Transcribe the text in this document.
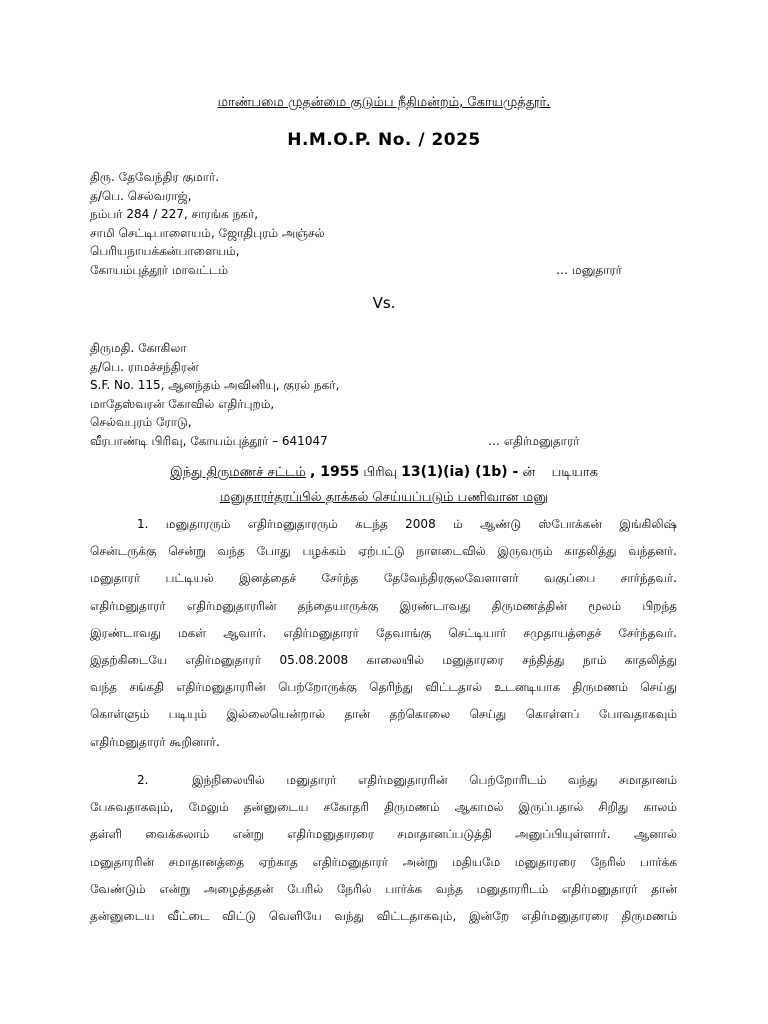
மாண்பமை முதன்மை குடும்ப நீதிமன்றம், கோயமுத்தூர்.
H.M.O.P. No. / 2025
திரு. தேவேந்திர குமார்.
த/பெ. செல்வராஜ்,
நம்பர் 284 / 227, சாரங்க நகர்,
சாமி செட்டிபாளையம், ஜோதிபுரம் அஞ்சல்
பெரியநாயக்கன்பாளையம்,
கோயம்புத்தூர் மாவட்டம்	… மனுதாரர்
Vs.
திருமதி. கோகிலா
த/பெ. ராமச்சந்திரன்
S.F. No. 115, ஆனந்தம் அவினியு, குரல் நகர்,
மாதேஸ்வரன் கோவில் எதிர்புறம்,
செல்வபுரம் ரோடு,
வீரபாண்டி பிரிவு, கோயம்புத்தூர் – 641047	… எதிர்மனுதாரர்
இந்து திருமணச் சட்டம் , 1955 பிரிவு 13(1)(ia) (1b) - ன்    படியாக
மனுதாரர்தரப்பில் தாக்கல் செய்யப்படும் பணிவான மனு
1. மனுதாரரும் எதிர்மனுதாரரும் கடந்த 2008 ம் ஆண்டு ஸ்போக்கன் இங்கிலிஷ்
சென்டருக்கு சென்று வந்த போது பழக்கம் ஏற்பட்டு நாளடைவில் இருவரும் காதலித்து வந்தனர்.
மனுதாரர் பட்டியல் இனத்தைச் சேர்ந்த தேவேந்திரகுலவேளாளர் வகுப்பை சார்ந்தவர்.
எதிர்மனுதாரர் எதிர்மனுதாரரின் தந்தையாருக்கு இரண்டாவது திருமணத்தின் மூலம் பிறந்த
இரண்டாவது மகள் ஆவார். எதிர்மனுதாரர் தேவாங்கு செட்டியார் சமுதாயத்தைச் சேர்ந்தவர்.
இதற்கிடையே எதிர்மனுதாரர் 05.08.2008 காலையில் மனுதாரரை சந்தித்து நாம் காதலித்து
வந்த சங்கதி எதிர்மனுதாரரின் பெற்றோருக்கு தெரிந்து விட்டதால் உடனடியாக திருமணம் செய்து
கொள்ளும் படியும் இல்லையென்றால் தான் தற்கொலை செய்து கொள்ளப் போவதாகவும்
எதிர்மனுதாரர் கூறினார்.
2.	இந்நிலையில் மனுதாரர் எதிர்மனுதாரரின் பெற்றோரிடம் வந்து சமாதானம்
பேசுவதாகவும், மேலும் தன்னுடைய சகோதரி திருமணம் ஆகாமல் இருப்பதால் சிறிது காலம்
தள்ளி வைக்கலாம் என்று எதிர்மனுதாரரை சமாதானப்படுத்தி அனுப்பியுள்ளார். ஆனால்
மனுதாரரின் சமாதானத்தை ஏற்காத எதிர்மனுதாரர் அன்று மதியமே மனுதாரரை நேரில் பார்க்க
வேண்டும் என்று அழைத்ததன் பேரில் நேரில் பார்க்க வந்த மனுதாரரிடம் எதிர்மனுதாரர் தான்
தன்னுடைய வீட்டை விட்டு வெளியே வந்து விட்டதாகவும், இன்றே எதிர்மனுதாரரை திருமணம்
